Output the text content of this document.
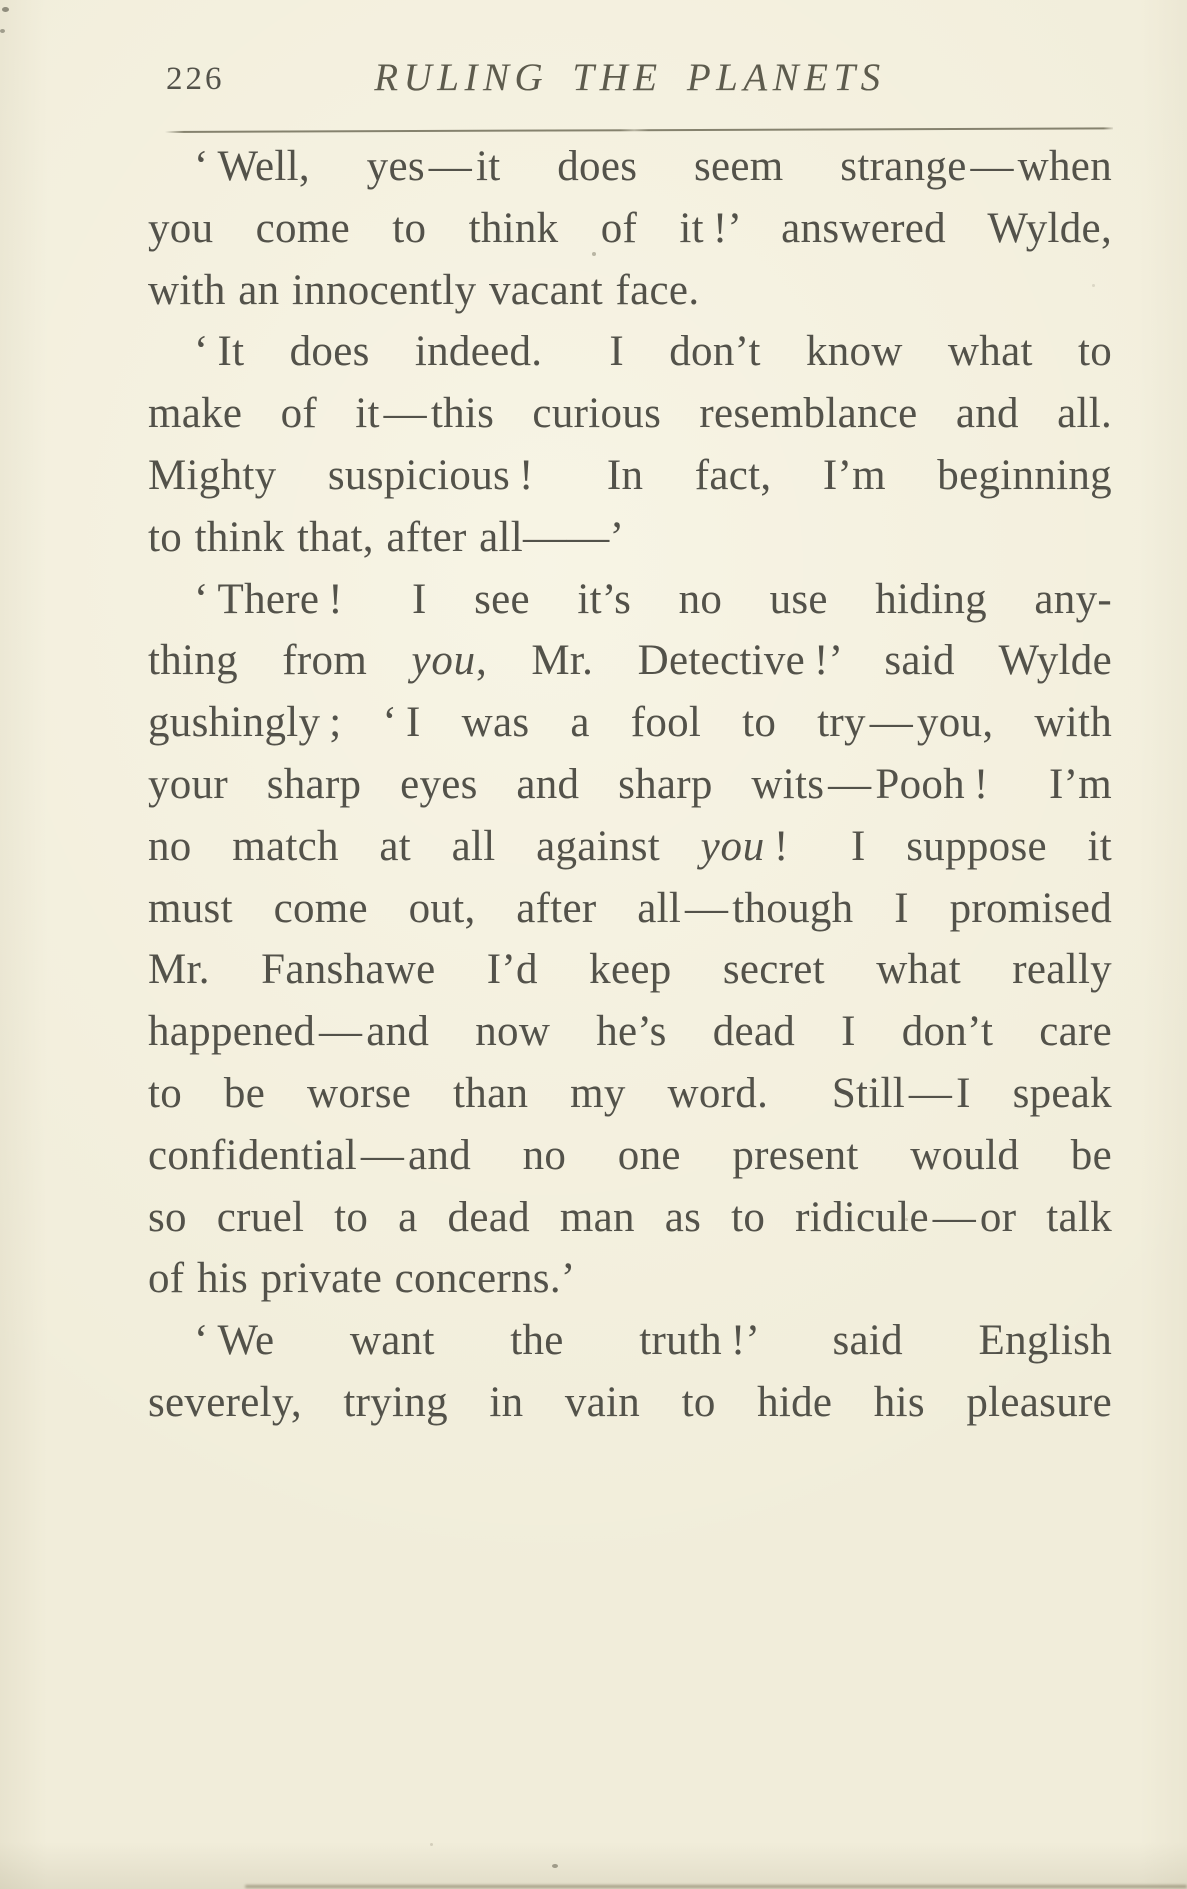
226	RULING THE PLANETS
‘ Well, yes — it does seem strange — when
you come to think of it !’ answered Wylde,
with an innocently vacant face.
‘ It does indeed.  I don’t know what to
make of it — this curious resemblance and all.
Mighty suspicious !  In fact, I’m beginning
to think that, after all——’
‘ There !  I see it’s no use hiding any-
thing from you, Mr. Detective !’ said Wylde
gushingly ; ‘ I was a fool to try — you, with
your sharp eyes and sharp wits — Pooh !  I’m
no match at all against you !  I suppose it
must come out, after all — though I promised
Mr. Fanshawe I’d keep secret what really
happened — and now he’s dead I don’t care
to be worse than my word.  Still — I speak
confidential — and no one present would be
so cruel to a dead man as to ridicule — or talk
of his private concerns.’
‘ We want the truth !’ said English
severely, trying in vain to hide his pleasure
